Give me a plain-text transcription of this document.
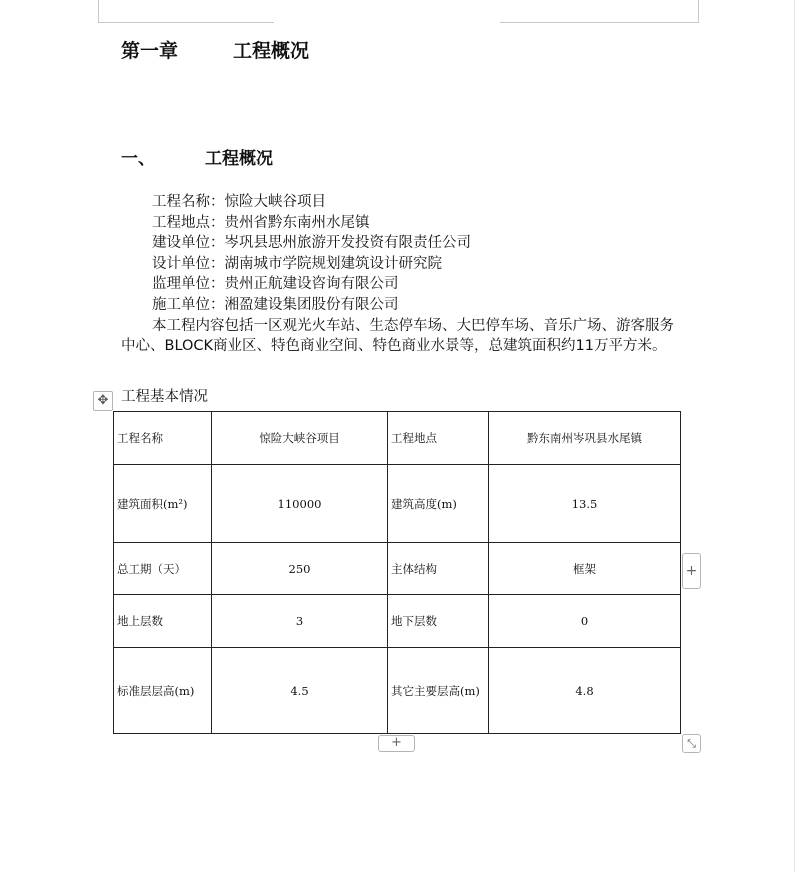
第一章	工程概况
一、	工程概况
工程名称：惊险大峡谷项目
工程地点：贵州省黔东南州水尾镇
建设单位：岑巩县思州旅游开发投资有限责任公司
设计单位：湖南城市学院规划建筑设计研究院
监理单位：贵州正航建设咨询有限公司
施工单位：湘盈建设集团股份有限公司
本工程内容包括一区观光火车站、生态停车场、大巴停车场、音乐广场、游客服务中心、BLOCK商业区、特色商业空间、特色商业水景等，总建筑面积约11万平方米。
✥ 工程基本情况
工程名称	惊险大峡谷项目	工程地点	黔东南州岑巩县水尾镇
建筑面积(m²)	110000	建筑高度(m)	13.5
总工期（天）	250	主体结构	框架
地上层数	3	地下层数	0
标准层层高(m)	4.5	其它主要层高(m)	4.8
+
+	⤡
